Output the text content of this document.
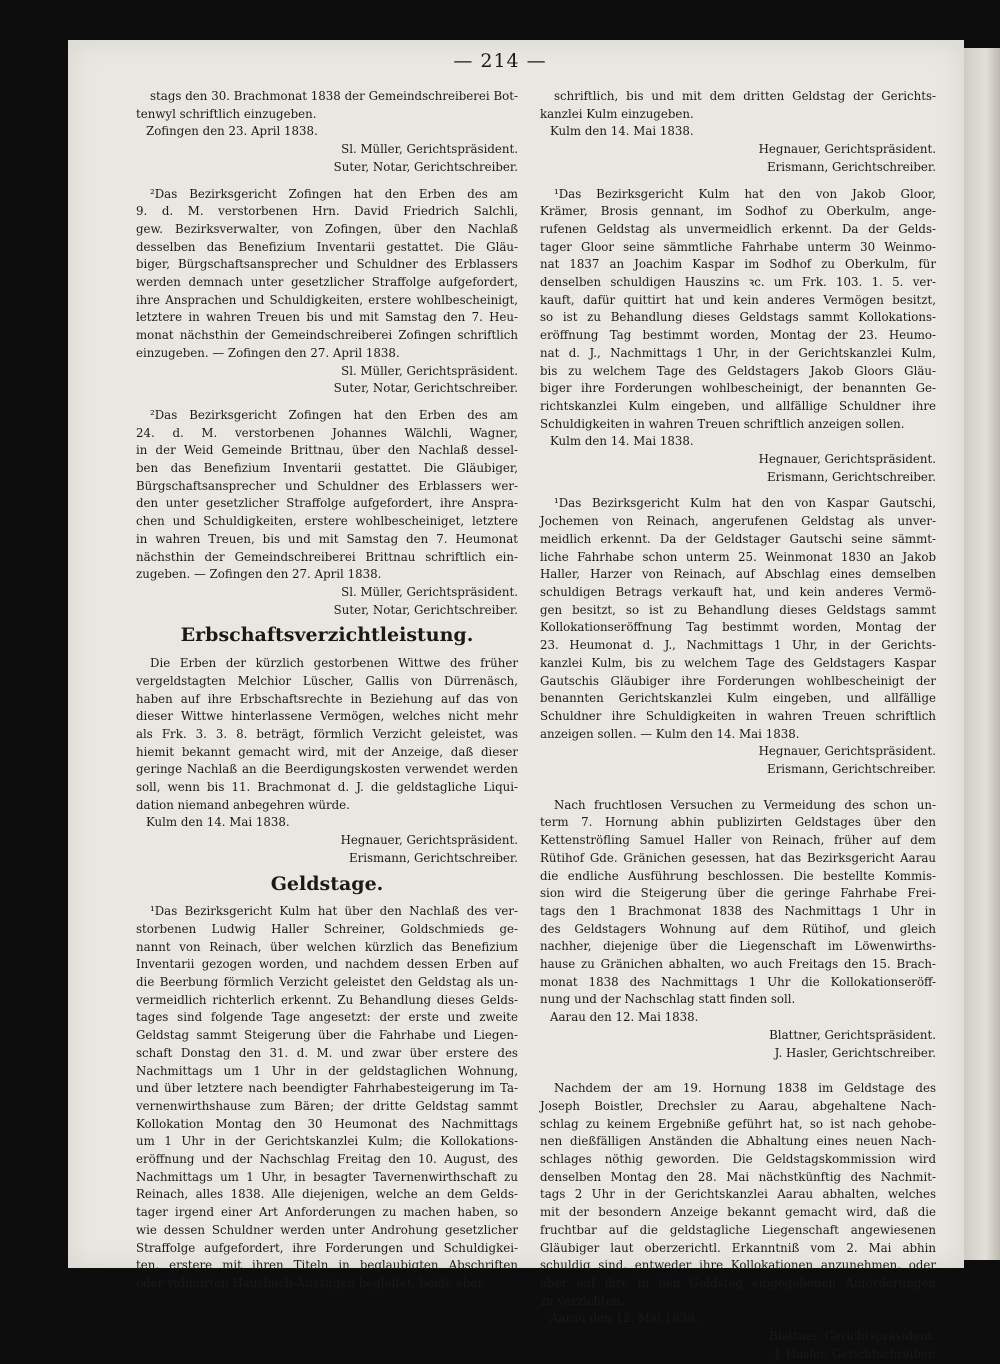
— 214 —

stags den 30. Brachmonat 1838 der Gemeindschreiberei Bot-

tenwyl schriftlich einzugeben.

Zofingen den 23. April 1838.

Sl. Müller, Gerichtspräsident.

Suter, Notar, Gerichtschreiber.

²Das Bezirksgericht Zofingen hat den Erben des am

9. d. M. verstorbenen Hrn. David Friedrich Salchli,

gew. Bezirksverwalter, von Zofingen, über den Nachlaß

desselben das Benefizium Inventarii gestattet. Die Gläu-

biger, Bürgschaftsansprecher und Schuldner des Erblassers

werden demnach unter gesetzlicher Straffolge aufgefordert,

ihre Ansprachen und Schuldigkeiten, erstere wohlbescheinigt,

letztere in wahren Treuen bis und mit Samstag den 7. Heu-

monat nächsthin der Gemeindschreiberei Zofingen schriftlich

einzugeben. — Zofingen den 27. April 1838.

Sl. Müller, Gerichtspräsident.

Suter, Notar, Gerichtschreiber.

²Das Bezirksgericht Zofingen hat den Erben des am

24. d. M. verstorbenen Johannes Wälchli, Wagner,

in der Weid Gemeinde Brittnau, über den Nachlaß dessel-

ben das Benefizium Inventarii gestattet. Die Gläubiger,

Bürgschaftsansprecher und Schuldner des Erblassers wer-

den unter gesetzlicher Straffolge aufgefordert, ihre Anspra-

chen und Schuldigkeiten, erstere wohlbescheiniget, letztere

in wahren Treuen, bis und mit Samstag den 7. Heumonat

nächsthin der Gemeindschreiberei Brittnau schriftlich ein-

zugeben. — Zofingen den 27. April 1838.

Sl. Müller, Gerichtspräsident.

Suter, Notar, Gerichtschreiber.

Erbschaftsverzichtleistung.

Die Erben der kürzlich gestorbenen Wittwe des früher

vergeldstagten Melchior Lüscher, Gallis von Dürrenäsch,

haben auf ihre Erbschaftsrechte in Beziehung auf das von

dieser Wittwe hinterlassene Vermögen, welches nicht mehr

als Frk. 3. 3. 8. beträgt, förmlich Verzicht geleistet, was

hiemit bekannt gemacht wird, mit der Anzeige, daß dieser

geringe Nachlaß an die Beerdigungskosten verwendet werden

soll, wenn bis 11. Brachmonat d. J. die geldstagliche Liqui-

dation niemand anbegehren würde.

Kulm den 14. Mai 1838.

Hegnauer, Gerichtspräsident.

Erismann, Gerichtschreiber.

Geldstage.

¹Das Bezirksgericht Kulm hat über den Nachlaß des ver-

storbenen Ludwig Haller Schreiner, Goldschmieds ge-

nannt von Reinach, über welchen kürzlich das Benefizium

Inventarii gezogen worden, und nachdem dessen Erben auf

die Beerbung förmlich Verzicht geleistet den Geldstag als un-

vermeidlich richterlich erkennt. Zu Behandlung dieses Gelds-

tages sind folgende Tage angesetzt: der erste und zweite

Geldstag sammt Steigerung über die Fahrhabe und Liegen-

schaft Donstag den 31. d. M. und zwar über erstere des

Nachmittags um 1 Uhr in der geldstaglichen Wohnung,

und über letztere nach beendigter Fahrhabesteigerung im Ta-

vernenwirthshause zum Bären; der dritte Geldstag sammt

Kollokation Montag den 30 Heumonat des Nachmittags

um 1 Uhr in der Gerichtskanzlei Kulm; die Kollokations-

eröffnung und der Nachschlag Freitag den 10. August, des

Nachmittags um 1 Uhr, in besagter Tavernenwirthschaft zu

Reinach, alles 1838. Alle diejenigen, welche an dem Gelds-

tager irgend einer Art Anforderungen zu machen haben, so

wie dessen Schuldner werden unter Androhung gesetzlicher

Straffolge aufgefordert, ihre Forderungen und Schuldigkei-

ten, erstere mit ihren Titeln in beglaubigten Abschriften

oder vidimirten Hausbuch-Auszügen begleitet, beide aber

schriftlich, bis und mit dem dritten Geldstag der Gerichts-

kanzlei Kulm einzugeben.

Kulm den 14. Mai 1838.

Hegnauer, Gerichtspräsident.

Erismann, Gerichtschreiber.

¹Das Bezirksgericht Kulm hat den von Jakob Gloor,

Krämer, Brosis gennant, im Sodhof zu Oberkulm, ange-

rufenen Geldstag als unvermeidlich erkennt. Da der Gelds-

tager Gloor seine sämmtliche Fahrhabe unterm 30 Weinmo-

nat 1837 an Joachim Kaspar im Sodhof zu Oberkulm, für

denselben schuldigen Hauszins ꝛc. um Frk. 103. 1. 5. ver-

kauft, dafür quittirt hat und kein anderes Vermögen besitzt,

so ist zu Behandlung dieses Geldstags sammt Kollokations-

eröffnung Tag bestimmt worden, Montag der 23. Heumo-

nat d. J., Nachmittags 1 Uhr, in der Gerichtskanzlei Kulm,

bis zu welchem Tage des Geldstagers Jakob Gloors Gläu-

biger ihre Forderungen wohlbescheinigt, der benannten Ge-

richtskanzlei Kulm eingeben, und allfällige Schuldner ihre

Schuldigkeiten in wahren Treuen schriftlich anzeigen sollen.

Kulm den 14. Mai 1838.

Hegnauer, Gerichtspräsident.

Erismann, Gerichtschreiber.

¹Das Bezirksgericht Kulm hat den von Kaspar Gautschi,

Jochemen von Reinach, angerufenen Geldstag als unver-

meidlich erkennt. Da der Geldstager Gautschi seine sämmt-

liche Fahrhabe schon unterm 25. Weinmonat 1830 an Jakob

Haller, Harzer von Reinach, auf Abschlag eines demselben

schuldigen Betrags verkauft hat, und kein anderes Vermö-

gen besitzt, so ist zu Behandlung dieses Geldstags sammt

Kollokationseröffnung Tag bestimmt worden, Montag der

23. Heumonat d. J., Nachmittags 1 Uhr, in der Gerichts-

kanzlei Kulm, bis zu welchem Tage des Geldstagers Kaspar

Gautschis Gläubiger ihre Forderungen wohlbescheinigt der

benannten Gerichtskanzlei Kulm eingeben, und allfällige

Schuldner ihre Schuldigkeiten in wahren Treuen schriftlich

anzeigen sollen. — Kulm den 14. Mai 1838.

Hegnauer, Gerichtspräsident.

Erismann, Gerichtschreiber.

Nach fruchtlosen Versuchen zu Vermeidung des schon un-

term 7. Hornung abhin publizirten Geldstages über den

Kettenströfling Samuel Haller von Reinach, früher auf dem

Rütihof Gde. Gränichen gesessen, hat das Bezirksgericht Aarau

die endliche Ausführung beschlossen. Die bestellte Kommis-

sion wird die Steigerung über die geringe Fahrhabe Frei-

tags den 1 Brachmonat 1838 des Nachmittags 1 Uhr in

des Geldstagers Wohnung auf dem Rütihof, und gleich

nachher, diejenige über die Liegenschaft im Löwenwirths-

hause zu Gränichen abhalten, wo auch Freitags den 15. Brach-

monat 1838 des Nachmittags 1 Uhr die Kollokationseröff-

nung und der Nachschlag statt finden soll.

Aarau den 12. Mai 1838.

Blattner, Gerichtspräsident.

J. Hasler, Gerichtschreiber.

Nachdem der am 19. Hornung 1838 im Geldstage des

Joseph Boistler, Drechsler zu Aarau, abgehaltene Nach-

schlag zu keinem Ergebniße geführt hat, so ist nach gehobe-

nen dießfälligen Anständen die Abhaltung eines neuen Nach-

schlages nöthig geworden. Die Geldstagskommission wird

denselben Montag den 28. Mai nächstkünftig des Nachmit-

tags 2 Uhr in der Gerichtskanzlei Aarau abhalten, welches

mit der besondern Anzeige bekannt gemacht wird, daß die

fruchtbar auf die geldstagliche Liegenschaft angewiesenen

Gläubiger laut oberzerichtl. Erkanntniß vom 2. Mai abhin

schuldig sind, entweder ihre Kollokationen anzunehmen, oder

aber auf ihre in den Geldstag eingegebenen Anforderungen

zu verzichten.

Aarau den 12. Mai 1838.

Blattner, Gerichtspräsident.

J. Hasler, Gerichtschreiber.
